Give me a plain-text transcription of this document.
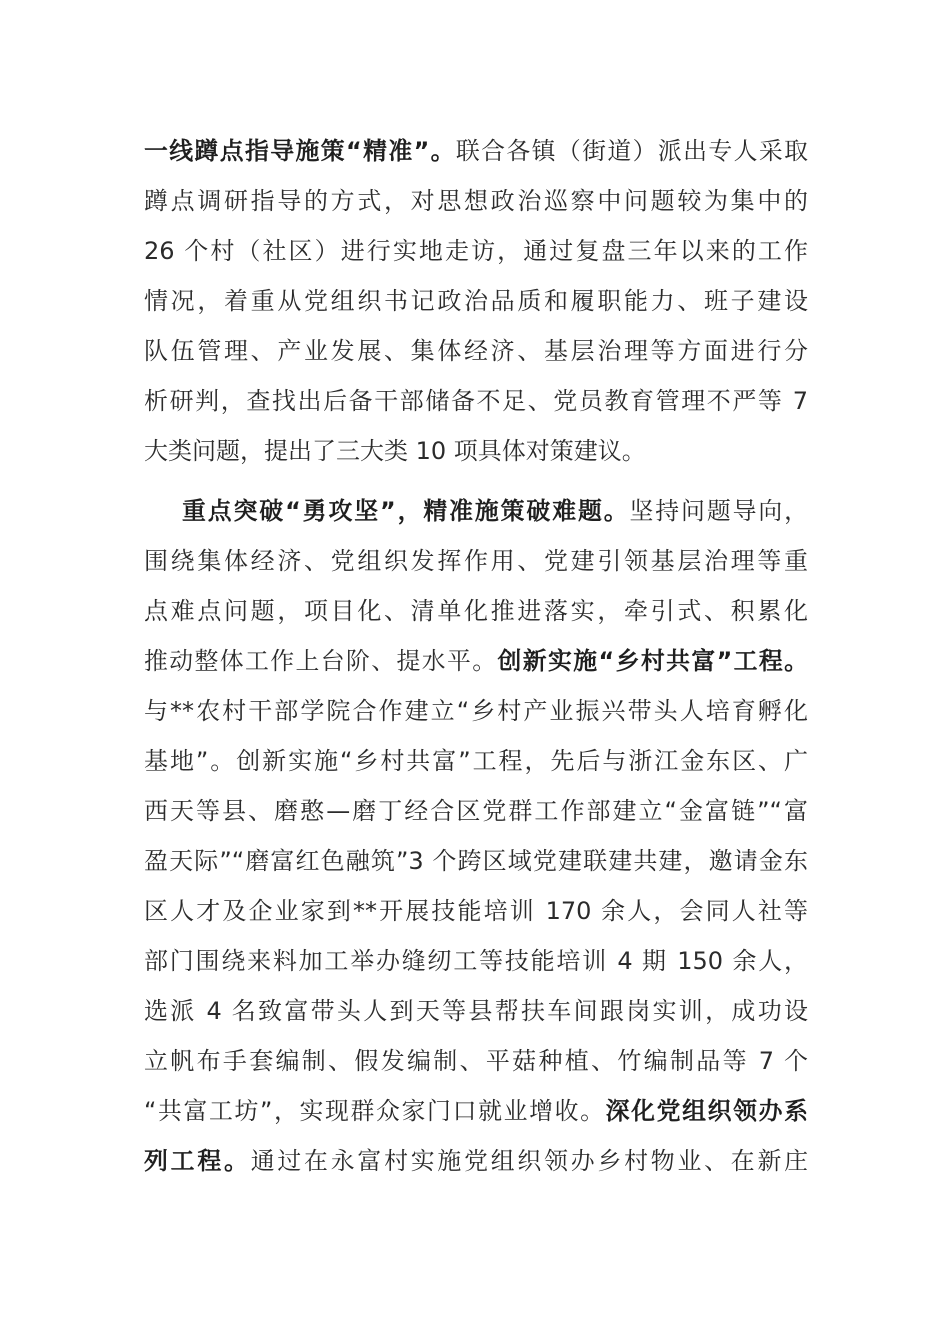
一线蹲点指导施策“精准”。联合各镇（街道）派出专人采取
蹲点调研指导的方式，对思想政治巡察中问题较为集中的
26 个村（社区）进行实地走访，通过复盘三年以来的工作
情况，着重从党组织书记政治品质和履职能力、班子建设
队伍管理、产业发展、集体经济、基层治理等方面进行分
析研判，查找出后备干部储备不足、党员教育管理不严等 7
大类问题，提出了三大类 10 项具体对策建议。
重点突破“勇攻坚”，精准施策破难题。坚持问题导向，
围绕集体经济、党组织发挥作用、党建引领基层治理等重
点难点问题，项目化、清单化推进落实，牵引式、积累化
推动整体工作上台阶、提水平。创新实施“乡村共富”工程。
与**农村干部学院合作建立“乡村产业振兴带头人培育孵化
基地”。创新实施“乡村共富”工程，先后与浙江金东区、广
西天等县、磨憨—磨丁经合区党群工作部建立“金富链”“富
盈天际”“磨富红色融筑”3 个跨区域党建联建共建，邀请金东
区人才及企业家到**开展技能培训 170 余人，会同人社等
部门围绕来料加工举办缝纫工等技能培训 4 期 150 余人，
选派 4 名致富带头人到天等县帮扶车间跟岗实训，成功设
立帆布手套编制、假发编制、平菇种植、竹编制品等 7 个
“共富工坊”，实现群众家门口就业增收。深化党组织领办系
列工程。通过在永富村实施党组织领办乡村物业、在新庄
